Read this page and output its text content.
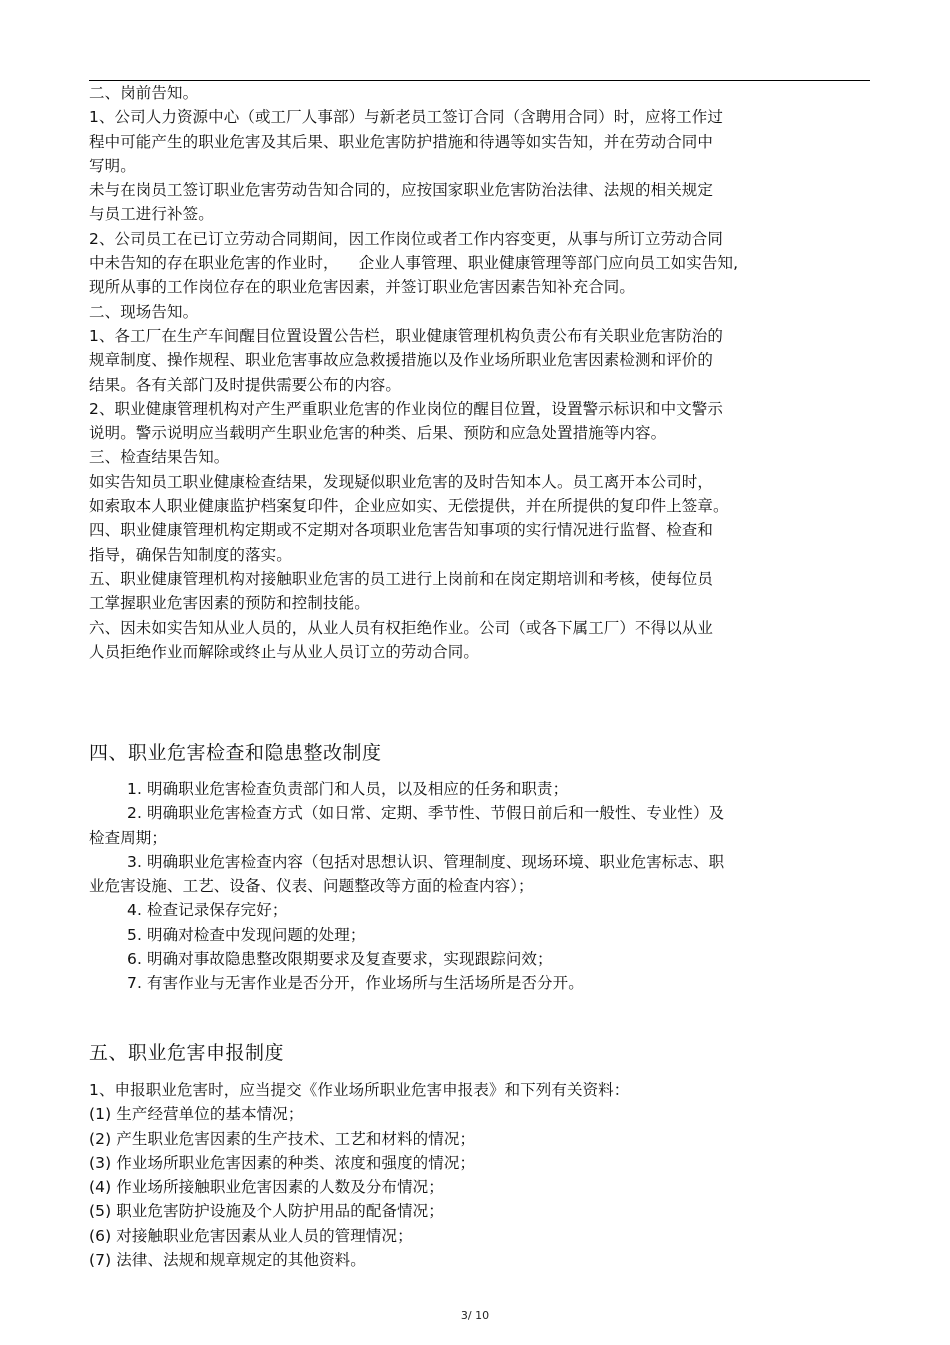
二、岗前告知。
1、公司人力资源中心（或工厂人事部）与新老员工签订合同（含聘用合同）时，应将工作过
程中可能产生的职业危害及其后果、职业危害防护措施和待遇等如实告知，并在劳动合同中
写明。
未与在岗员工签订职业危害劳动告知合同的，应按国家职业危害防治法律、法规的相关规定
与员工进行补签。
2、公司员工在已订立劳动合同期间，因工作岗位或者工作内容变更，从事与所订立劳动合同
中未告知的存在职业危害的作业时，    企业人事管理、职业健康管理等部门应向员工如实告知,
现所从事的工作岗位存在的职业危害因素，并签订职业危害因素告知补充合同。
二、现场告知。
1、各工厂在生产车间醒目位置设置公告栏，职业健康管理机构负责公布有关职业危害防治的
规章制度、操作规程、职业危害事故应急救援措施以及作业场所职业危害因素检测和评价的
结果。各有关部门及时提供需要公布的内容。
2、职业健康管理机构对产生严重职业危害的作业岗位的醒目位置，设置警示标识和中文警示
说明。警示说明应当载明产生职业危害的种类、后果、预防和应急处置措施等内容。
三、检查结果告知。
如实告知员工职业健康检查结果，发现疑似职业危害的及时告知本人。员工离开本公司时，
如索取本人职业健康监护档案复印件，企业应如实、无偿提供，并在所提供的复印件上签章。
四、职业健康管理机构定期或不定期对各项职业危害告知事项的实行情况进行监督、检查和
指导，确保告知制度的落实。
五、职业健康管理机构对接触职业危害的员工进行上岗前和在岗定期培训和考核，使每位员
工掌握职业危害因素的预防和控制技能。
六、因未如实告知从业人员的，从业人员有权拒绝作业。公司（或各下属工厂）不得以从业
人员拒绝作业而解除或终止与从业人员订立的劳动合同。
四、职业危害检查和隐患整改制度
1. 明确职业危害检查负责部门和人员，以及相应的任务和职责；
2. 明确职业危害检查方式（如日常、定期、季节性、节假日前后和一般性、专业性）及
检查周期；
3. 明确职业危害检查内容（包括对思想认识、管理制度、现场环境、职业危害标志、职
业危害设施、工艺、设备、仪表、问题整改等方面的检查内容）；
4. 检查记录保存完好；
5. 明确对检查中发现问题的处理；
6. 明确对事故隐患整改限期要求及复查要求，实现跟踪问效；
7. 有害作业与无害作业是否分开，作业场所与生活场所是否分开。
五、职业危害申报制度
1、申报职业危害时，应当提交《作业场所职业危害申报表》和下列有关资料：
(1) 生产经营单位的基本情况；
(2) 产生职业危害因素的生产技术、工艺和材料的情况；
(3) 作业场所职业危害因素的种类、浓度和强度的情况；
(4) 作业场所接触职业危害因素的人数及分布情况；
(5) 职业危害防护设施及个人防护用品的配备情况；
(6) 对接触职业危害因素从业人员的管理情况；
(7) 法律、法规和规章规定的其他资料。
3/ 10
